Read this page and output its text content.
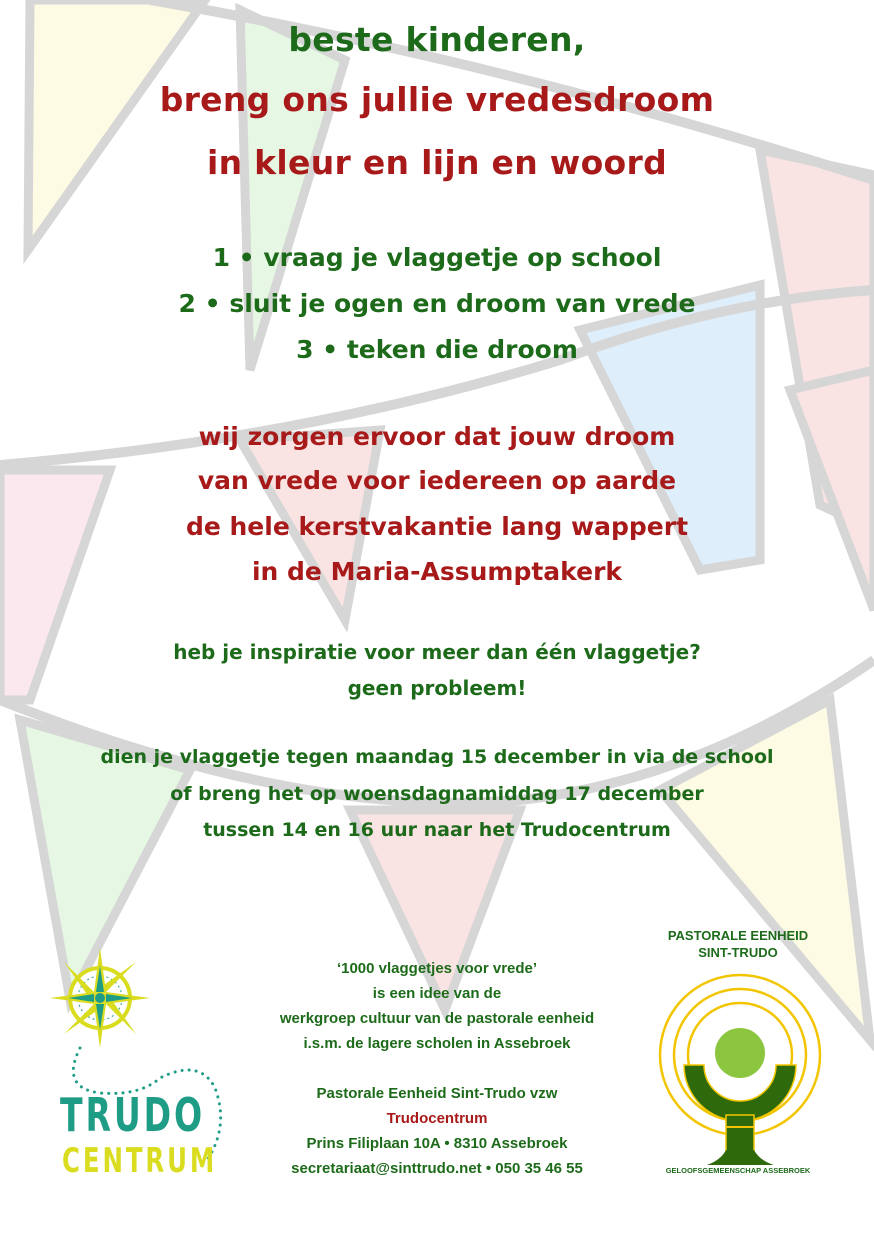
beste kinderen,
breng ons jullie vredesdroom
in kleur en lijn en woord
1 • vraag je vlaggetje op school
2 • sluit je ogen en droom van vrede
3 • teken die droom
wij zorgen ervoor dat jouw droom
van vrede voor iedereen op aarde
de hele kerstvakantie lang wappert
in de Maria-Assumptakerk
heb je inspiratie voor meer dan één vlaggetje?
geen probleem!
dien je vlaggetje tegen maandag 15 december in via de school
of breng het op woensdagnamiddag 17 december
tussen 14 en 16 uur naar het Trudocentrum
‘1000 vlaggetjes voor vrede’
is een idee van de
werkgroep cultuur van de pastorale eenheid
i.s.m. de lagere scholen in Assebroek
Pastorale Eenheid Sint-Trudo vzw
Trudocentrum
Prins Filiplaan 10A • 8310 Assebroek
secretariaat@sinttrudo.net • 050 35 46 55
TRUDO
CENTRUM
PASTORALE EENHEID
SINT-TRUDO
GELOOFSGEMEENSCHAP ASSEBROEK
